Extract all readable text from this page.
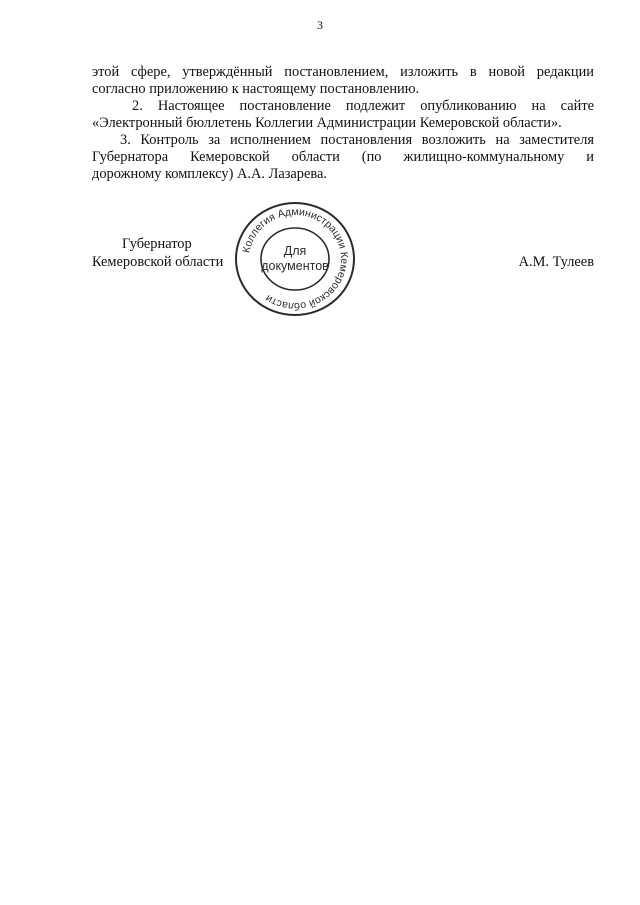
3

этой сфере, утверждённый постановлением, изложить в новой редакции

согласно приложению к настоящему постановлению.

2. Настоящее постановление подлежит опубликованию на сайте

«Электронный бюллетень Коллегии Администрации Кемеровской области».

3. Контроль за исполнением постановления возложить на заместителя

Губернатора Кемеровской области (по жилищно-коммунальному и

дорожному комплексу) А.А. Лазарева.

Губернатор
Кемеровской области	А.М. Тулеев
Коллегия Администрации Кемеровской области
Для
документов
